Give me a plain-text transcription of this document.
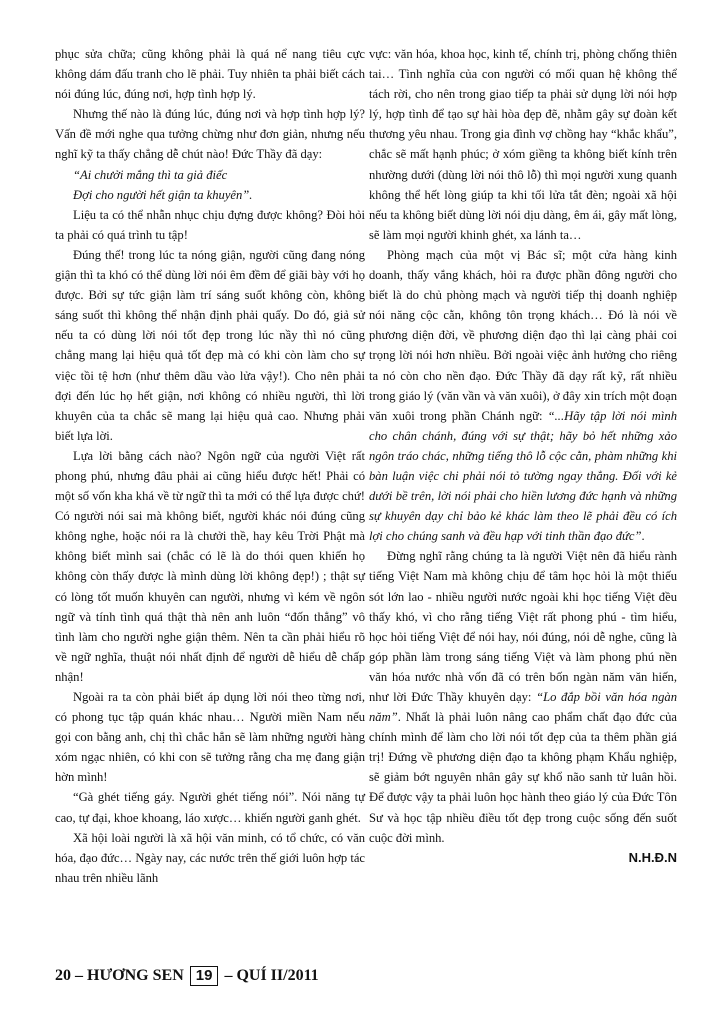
phục sửa chữa; cũng không phải là quá nể nang tiêu cực không dám đấu tranh cho lẽ phải. Tuy nhiên ta phải biết cách nói đúng lúc, đúng nơi, hợp tình hợp lý.

Nhưng thế nào là đúng lúc, đúng nơi và hợp tình hợp lý? Vấn đề mới nghe qua tưởng chừng như đơn giản, nhưng nếu nghĩ kỹ ta thấy chẳng dễ chút nào! Đức Thầy đã dạy:

“Ai chưởi mắng thì ta giả điếc

Đợi cho người hết giận ta khuyên”.

Liệu ta có thể nhẫn nhục chịu đựng được không? Đòi hỏi ta phải có quá trình tu tập!

Đúng thế! trong lúc ta nóng giận, người cũng đang nóng giận thì ta khó có thể dùng lời nói êm đềm để giãi bày với họ được. Bởi sự tức giận làm trí sáng suốt không còn, không sáng suốt thì không thể nhận định phải quấy. Do đó, giả sử nếu ta có dùng lời nói tốt đẹp trong lúc nầy thì nó cũng chẳng mang lại hiệu quả tốt đẹp mà có khi còn làm cho sự việc tồi tệ hơn (như thêm dầu vào lửa vậy!). Cho nên phải đợi đến lúc họ hết giận, nơi không có nhiều người, thì lời khuyên của ta chắc sẽ mang lại hiệu quả cao. Nhưng phải biết lựa lời.

Lựa lời bằng cách nào? Ngôn ngữ của người Việt rất phong phú, nhưng đâu phải ai cũng hiểu được hết! Phải có một số vốn kha khá về từ ngữ thì ta mới có thể lựa được chứ! Có người nói sai mà không biết, người khác nói đúng cũng không nghe, hoặc nói ra là chưởi thề, hay kêu Trời Phật mà không biết mình sai (chắc có lẽ là do thói quen khiến họ không còn thấy được là mình dùng lời không đẹp!) ; thật sự có lòng tốt muốn khuyên can người, nhưng vì kém về ngôn ngữ và tính tình quá thật thà nên anh luôn “đốn thẳng” vô tình làm cho người nghe giận thêm. Nên ta cần phải hiểu rõ về ngữ nghĩa, thuật nói nhất định để người dễ hiểu dễ chấp nhận!

Ngoài ra ta còn phải biết áp dụng lời nói theo từng nơi, có phong tục tập quán khác nhau… Người miền Nam nếu gọi con bằng anh, chị thì chắc hẳn sẽ làm những người hàng xóm ngạc nhiên, có khi con sẽ tưởng rằng cha mẹ đang giận hờn mình!

“Gà ghét tiếng gáy. Người ghét tiếng nói”. Nói năng tự cao, tự đại, khoe khoang, láo xược… khiến người ganh ghét.

Xã hội loài người là xã hội văn minh, có tổ chức, có văn hóa, đạo đức… Ngày nay, các nước trên thế giới luôn hợp tác nhau trên nhiều lãnh

vực: văn hóa, khoa học, kinh tế, chính trị, phòng chống thiên tai… Tình nghĩa của con người có mối quan hệ không thể tách rời, cho nên trong giao tiếp ta phải sử dụng lời nói hợp lý, hợp tình để tạo sự hài hòa đẹp đẽ, nhằm gây sự đoàn kết thương yêu nhau. Trong gia đình vợ chồng hay “khắc khẩu”, chắc sẽ mất hạnh phúc; ở xóm giềng ta không biết kính trên nhường dưới (dùng lời nói thô lỗ) thì mọi người xung quanh không thể hết lòng giúp ta khi tối lửa tắt đèn; ngoài xã hội nếu ta không biết dùng lời nói dịu dàng, êm ái, gây mất lòng, sẽ làm mọi người khinh ghét, xa lánh ta…

Phòng mạch của một vị Bác sĩ; một cửa hàng kinh doanh, thấy vắng khách, hỏi ra được phần đông người cho biết là do chủ phòng mạch và người tiếp thị doanh nghiệp nói năng cộc cằn, không tôn trọng khách… Đó là nói về phương diện đời, về phương diện đạo thì lại càng phải coi trọng lời nói hơn nhiều. Bởi ngoài việc ảnh hưởng cho riêng ta nó còn cho nền đạo. Đức Thầy đã dạy rất kỹ, rất nhiều trong giáo lý (văn vần và văn xuôi), ở đây xin trích một đoạn văn xuôi trong phần Chánh ngữ: “...Hãy tập lời nói mình cho chân chánh, đúng với sự thật; hãy bỏ hết những xảo ngôn tráo chác, những tiếng thô lỗ cộc cằn, phàm những khi bàn luận việc chi phải nói tỏ tường ngay thẳng. Đối với kẻ dưới bề trên, lời nói phải cho hiền lương đức hạnh và những sự khuyên dạy chỉ bảo kẻ khác làm theo lẽ phải đều có ích lợi cho chúng sanh và đều hạp với tinh thần đạo đức”.

Đừng nghĩ rằng chúng ta là người Việt nên đã hiểu rành tiếng Việt Nam mà không chịu để tâm học hỏi là một thiếu sót lớn lao - nhiều người nước ngoài khi học tiếng Việt đều thấy khó, vì cho rằng tiếng Việt rất phong phú - tìm hiểu, học hỏi tiếng Việt để nói hay, nói đúng, nói dễ nghe, cũng là góp phần làm trong sáng tiếng Việt và làm phong phú nền văn hóa nước nhà vốn đã có trên bốn ngàn năm văn hiến, như lời Đức Thầy khuyên dạy: “Lo đắp bồi văn hóa ngàn năm”. Nhất là phải luôn nâng cao phẩm chất đạo đức của chính mình để làm cho lời nói tốt đẹp của ta thêm phần giá trị! Đứng về phương diện đạo ta không phạm Khẩu nghiệp, sẽ giảm bớt nguyên nhân gây sự khổ não sanh tử luân hồi. Để được vậy ta phải luôn học hành theo giáo lý của Đức Tôn Sư và học tập nhiều điều tốt đẹp trong cuộc sống đến suốt cuộc đời mình.

N.H.Đ.N

20 – HƯƠNG SEN 19 – QUÍ II/2011
